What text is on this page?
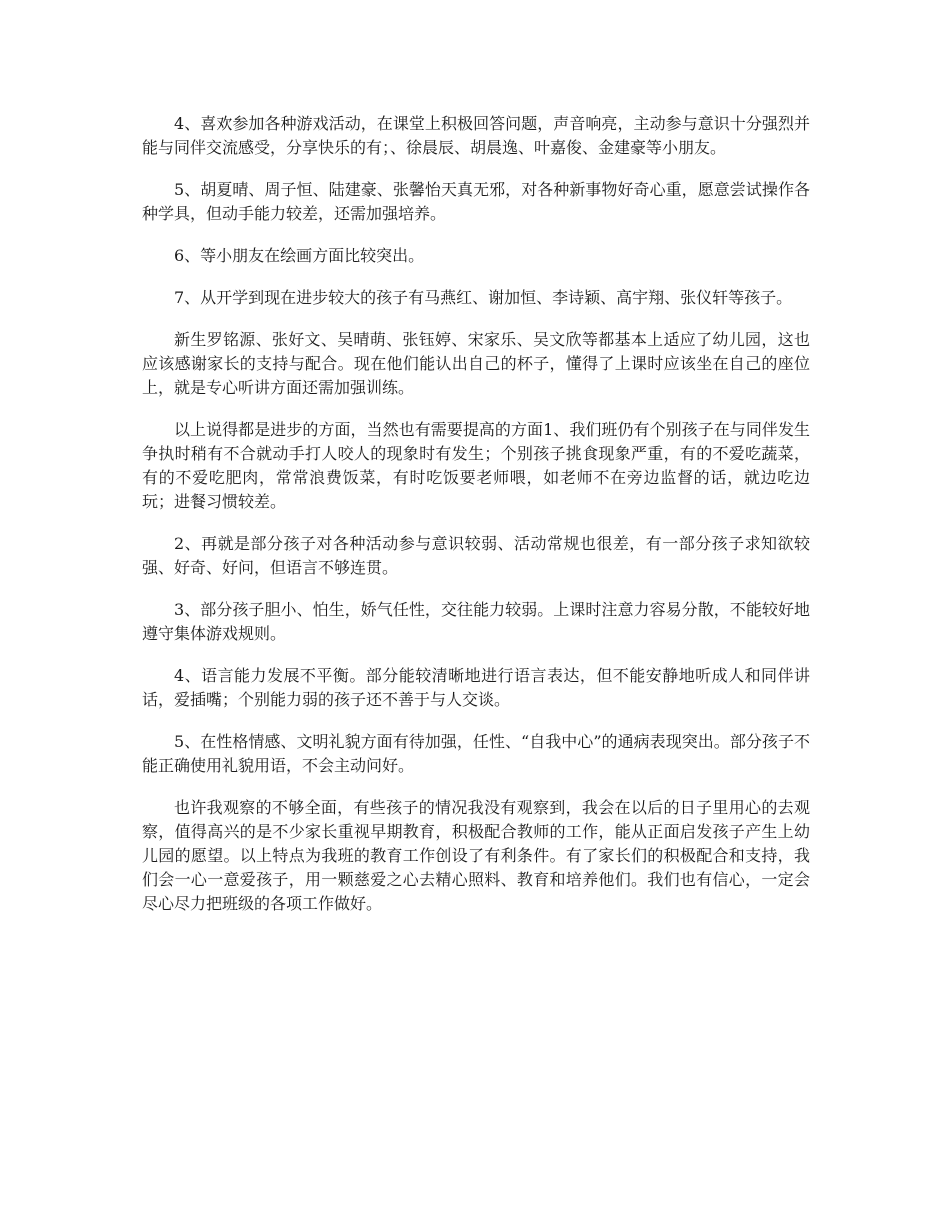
4、喜欢参加各种游戏活动，在课堂上积极回答问题，声音响亮，主动参与意识十分强烈并能与同伴交流感受，分享快乐的有；、徐晨辰、胡晨逸、叶嘉俊、金建豪等小朋友。

5、胡夏晴、周子恒、陆建豪、张馨怡天真无邪，对各种新事物好奇心重，愿意尝试操作各种学具，但动手能力较差，还需加强培养。

6、等小朋友在绘画方面比较突出。

7、从开学到现在进步较大的孩子有马燕红、谢加恒、李诗颖、高宇翔、张仪轩等孩子。

新生罗铭源、张好文、吴晴萌、张钰婷、宋家乐、吴文欣等都基本上适应了幼儿园，这也应该感谢家长的支持与配合。现在他们能认出自己的杯子，懂得了上课时应该坐在自己的座位上，就是专心听讲方面还需加强训练。

以上说得都是进步的方面，当然也有需要提高的方面1、我们班仍有个别孩子在与同伴发生争执时稍有不合就动手打人咬人的现象时有发生；个别孩子挑食现象严重，有的不爱吃蔬菜，有的不爱吃肥肉，常常浪费饭菜，有时吃饭要老师喂，如老师不在旁边监督的话，就边吃边玩；进餐习惯较差。

2、再就是部分孩子对各种活动参与意识较弱、活动常规也很差，有一部分孩子求知欲较强、好奇、好问，但语言不够连贯。

3、部分孩子胆小、怕生，娇气任性，交往能力较弱。上课时注意力容易分散，不能较好地遵守集体游戏规则。

4、语言能力发展不平衡。部分能较清晰地进行语言表达，但不能安静地听成人和同伴讲话，爱插嘴；个别能力弱的孩子还不善于与人交谈。

5、在性格情感、文明礼貌方面有待加强，任性、“自我中心”的通病表现突出。部分孩子不能正确使用礼貌用语，不会主动问好。

也许我观察的不够全面，有些孩子的情况我没有观察到，我会在以后的日子里用心的去观察，值得高兴的是不少家长重视早期教育，积极配合教师的工作，能从正面启发孩子产生上幼儿园的愿望。以上特点为我班的教育工作创设了有利条件。有了家长们的积极配合和支持，我们会一心一意爱孩子，用一颗慈爱之心去精心照料、教育和培养他们。我们也有信心，一定会尽心尽力把班级的各项工作做好。
